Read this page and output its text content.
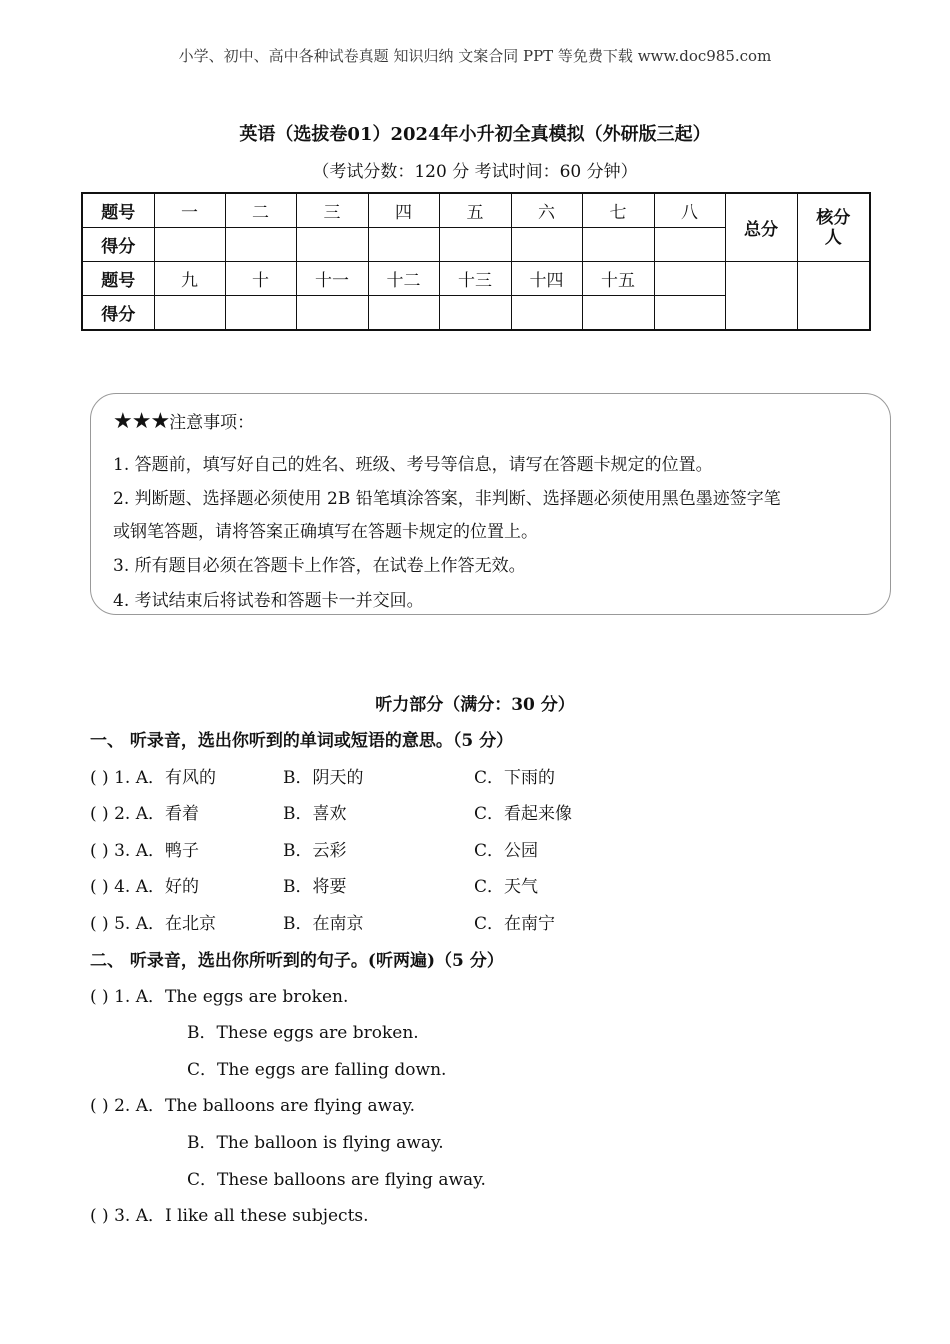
小学、初中、高中各种试卷真题 知识归纳 文案合同 PPT 等免费下载 www.doc985.com
英语（选拔卷01）2024年小升初全真模拟（外研版三起）
（考试分数：120 分 考试时间：60 分钟）
题号	一	二	三	四	五	六	七	八	总分	核分人

得分										
题号	九	十	十一	十二	十三	十四	十五			
得分										
★★★注意事项：
1. 答题前，填写好自己的姓名、班级、考号等信息，请写在答题卡规定的位置。
2. 判断题、选择题必须使用 2B 铅笔填涂答案，非判断、选择题必须使用黑色墨迹签字笔
或钢笔答题，请将答案正确填写在答题卡规定的位置上。
3. 所有题目必须在答题卡上作答，在试卷上作答无效。
4. 考试结束后将试卷和答题卡一并交回。
听力部分（满分：30 分）
一、 听录音，选出你听到的单词或短语的意思。（5 分）
( ) 1. A．有风的	B．阴天的	C．下雨的
( ) 2. A．看着	B．喜欢	C．看起来像
( ) 3. A．鸭子	B．云彩	C．公园
( ) 4. A．好的	B．将要	C．天气
( ) 5. A．在北京	B．在南京	C．在南宁
二、 听录音，选出你所听到的句子。(听两遍)（5 分）
( ) 1. A．The eggs are broken.
B．These eggs are broken.
C．The eggs are falling down.
( ) 2. A．The balloons are flying away.
B．The balloon is flying away.
C．These balloons are flying away.
( ) 3. A．I like all these subjects.
